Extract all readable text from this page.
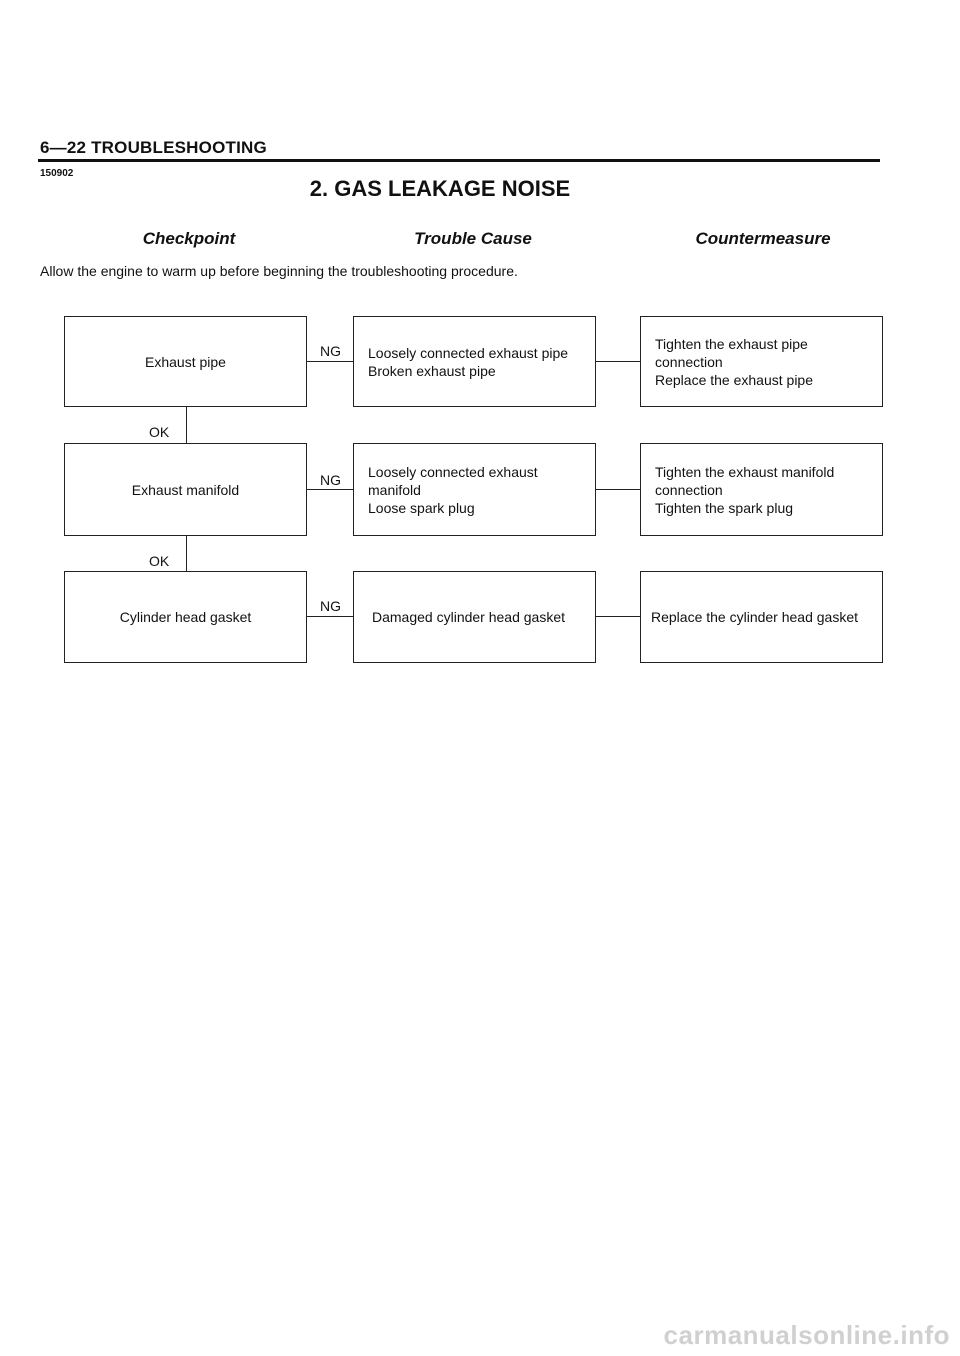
6—22 TROUBLESHOOTING
150902
2. GAS LEAKAGE NOISE
Checkpoint	Trouble Cause	Countermeasure
Allow the engine to warm up before beginning the troubleshooting procedure.
Exhaust pipe
NG Loosely connected exhaust pipe
Broken exhaust pipe
Tighten the exhaust pipe
connection
Replace the exhaust pipe
OK
Exhaust manifold
NG
Loosely connected exhaust
manifold
Loose spark plug
Tighten the exhaust manifold
connection
Tighten the spark plug
OK
Cylinder head gasket
NG
Damaged cylinder head gasket	Replace the cylinder head gasket
carmanualsonline.info
